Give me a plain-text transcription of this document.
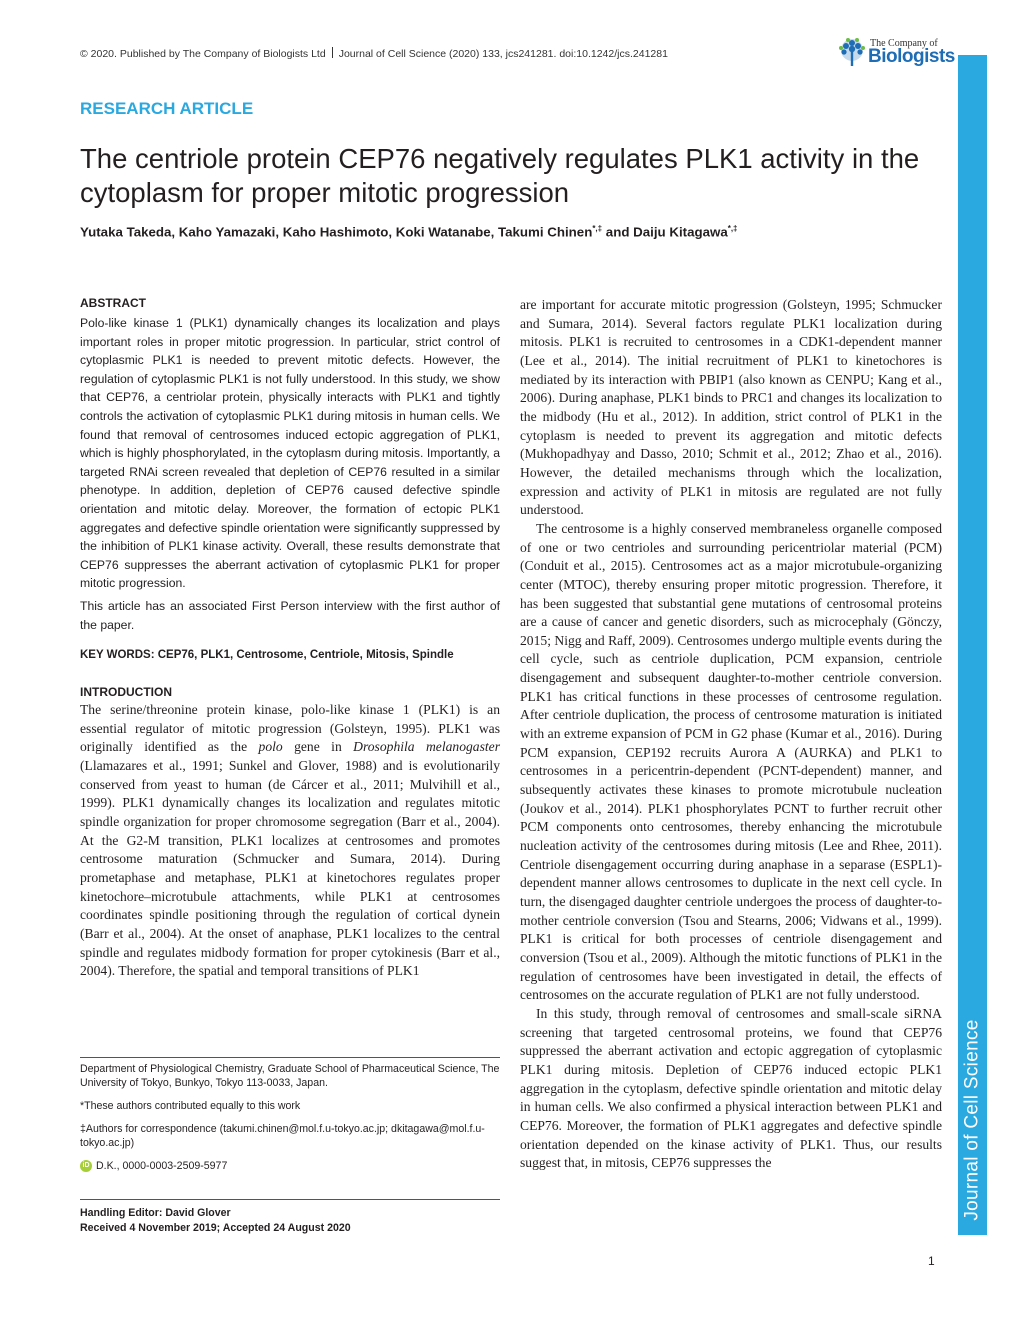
© 2020. Published by The Company of Biologists Ltd Journal of Cell Science (2020) 133, jcs241281. doi:10.1242/jcs.241281
The Company of
Biologists
Journal of Cell Science
RESEARCH ARTICLE
The centriole protein CEP76 negatively regulates PLK1 activity in the cytoplasm for proper mitotic progression
Yutaka Takeda, Kaho Yamazaki, Kaho Hashimoto, Koki Watanabe, Takumi Chinen*,‡ and Daiju Kitagawa*,‡
ABSTRACT

Polo-like kinase 1 (PLK1) dynamically changes its localization and plays important roles in proper mitotic progression. In particular, strict control of cytoplasmic PLK1 is needed to prevent mitotic defects. However, the regulation of cytoplasmic PLK1 is not fully understood. In this study, we show that CEP76, a centriolar protein, physically interacts with PLK1 and tightly controls the activation of cytoplasmic PLK1 during mitosis in human cells. We found that removal of centrosomes induced ectopic aggregation of PLK1, which is highly phosphorylated, in the cytoplasm during mitosis. Importantly, a targeted RNAi screen revealed that depletion of CEP76 resulted in a similar phenotype. In addition, depletion of CEP76 caused defective spindle orientation and mitotic delay. Moreover, the formation of ectopic PLK1 aggregates and defective spindle orientation were significantly suppressed by the inhibition of PLK1 kinase activity. Overall, these results demonstrate that CEP76 suppresses the aberrant activation of cytoplasmic PLK1 for proper mitotic progression.

This article has an associated First Person interview with the first author of the paper.

KEY WORDS: CEP76, PLK1, Centrosome, Centriole, Mitosis, Spindle
INTRODUCTION

The serine/threonine protein kinase, polo-like kinase 1 (PLK1) is an essential regulator of mitotic progression (Golsteyn, 1995). PLK1 was originally identified as the polo gene in Drosophila melanogaster (Llamazares et al., 1991; Sunkel and Glover, 1988) and is evolutionarily conserved from yeast to human (de Cárcer et al., 2011; Mulvihill et al., 1999). PLK1 dynamically changes its localization and regulates mitotic spindle organization for proper chromosome segregation (Barr et al., 2004). At the G2-M transition, PLK1 localizes at centrosomes and promotes centrosome maturation (Schmucker and Sumara, 2014). During prometaphase and metaphase, PLK1 at kinetochores regulates proper kinetochore–microtubule attachments, while PLK1 at centrosomes coordinates spindle positioning through the regulation of cortical dynein (Barr et al., 2004). At the onset of anaphase, PLK1 localizes to the central spindle and regulates midbody formation for proper cytokinesis (Barr et al., 2004). Therefore, the spatial and temporal transitions of PLK1

are important for accurate mitotic progression (Golsteyn, 1995; Schmucker and Sumara, 2014). Several factors regulate PLK1 localization during mitosis. PLK1 is recruited to centrosomes in a CDK1-dependent manner (Lee et al., 2014). The initial recruitment of PLK1 to kinetochores is mediated by its interaction with PBIP1 (also known as CENPU; Kang et al., 2006). During anaphase, PLK1 binds to PRC1 and changes its localization to the midbody (Hu et al., 2012). In addition, strict control of PLK1 in the cytoplasm is needed to prevent its aggregation and mitotic defects (Mukhopadhyay and Dasso, 2010; Schmit et al., 2012; Zhao et al., 2016). However, the detailed mechanisms through which the localization, expression and activity of PLK1 in mitosis are regulated are not fully understood.

The centrosome is a highly conserved membraneless organelle composed of one or two centrioles and surrounding pericentriolar material (PCM) (Conduit et al., 2015). Centrosomes act as a major microtubule-organizing center (MTOC), thereby ensuring proper mitotic progression. Therefore, it has been suggested that substantial gene mutations of centrosomal proteins are a cause of cancer and genetic disorders, such as microcephaly (Gönczy, 2015; Nigg and Raff, 2009). Centrosomes undergo multiple events during the cell cycle, such as centriole duplication, PCM expansion, centriole disengagement and subsequent daughter-to-mother centriole conversion. PLK1 has critical functions in these processes of centrosome regulation. After centriole duplication, the process of centrosome maturation is initiated with an extreme expansion of PCM in G2 phase (Kumar et al., 2016). During PCM expansion, CEP192 recruits Aurora A (AURKA) and PLK1 to centrosomes in a pericentrin-dependent (PCNT-dependent) manner, and subsequently activates these kinases to promote microtubule nucleation (Joukov et al., 2014). PLK1 phosphorylates PCNT to further recruit other PCM components onto centrosomes, thereby enhancing the microtubule nucleation activity of the centrosomes during mitosis (Lee and Rhee, 2011). Centriole disengagement occurring during anaphase in a separase (ESPL1)-dependent manner allows centrosomes to duplicate in the next cell cycle. In turn, the disengaged daughter centriole undergoes the process of daughter-to-mother centriole conversion (Tsou and Stearns, 2006; Vidwans et al., 1999). PLK1 is critical for both processes of centriole disengagement and conversion (Tsou et al., 2009). Although the mitotic functions of PLK1 in the regulation of centrosomes have been investigated in detail, the effects of centrosomes on the accurate regulation of PLK1 are not fully understood.

In this study, through removal of centrosomes and small-scale siRNA screening that targeted centrosomal proteins, we found that CEP76 suppressed the aberrant activation and ectopic aggregation of cytoplasmic PLK1 during mitosis. Depletion of CEP76 induced ectopic PLK1 aggregation in the cytoplasm, defective spindle orientation and mitotic delay in human cells. We also confirmed a physical interaction between PLK1 and CEP76. Moreover, the formation of PLK1 aggregates and defective spindle orientation depended on the kinase activity of PLK1. Thus, our results suggest that, in mitosis, CEP76 suppresses the

Department of Physiological Chemistry, Graduate School of Pharmaceutical Science, The University of Tokyo, Bunkyo, Tokyo 113-0033, Japan.

*These authors contributed equally to this work

‡Authors for correspondence (takumi.chinen@mol.f.u-tokyo.ac.jp; dkitagawa@mol.f.u-tokyo.ac.jp)

iD D.K., 0000-0003-2509-5977

Handling Editor: David Glover
Received 4 November 2019; Accepted 24 August 2020
1
